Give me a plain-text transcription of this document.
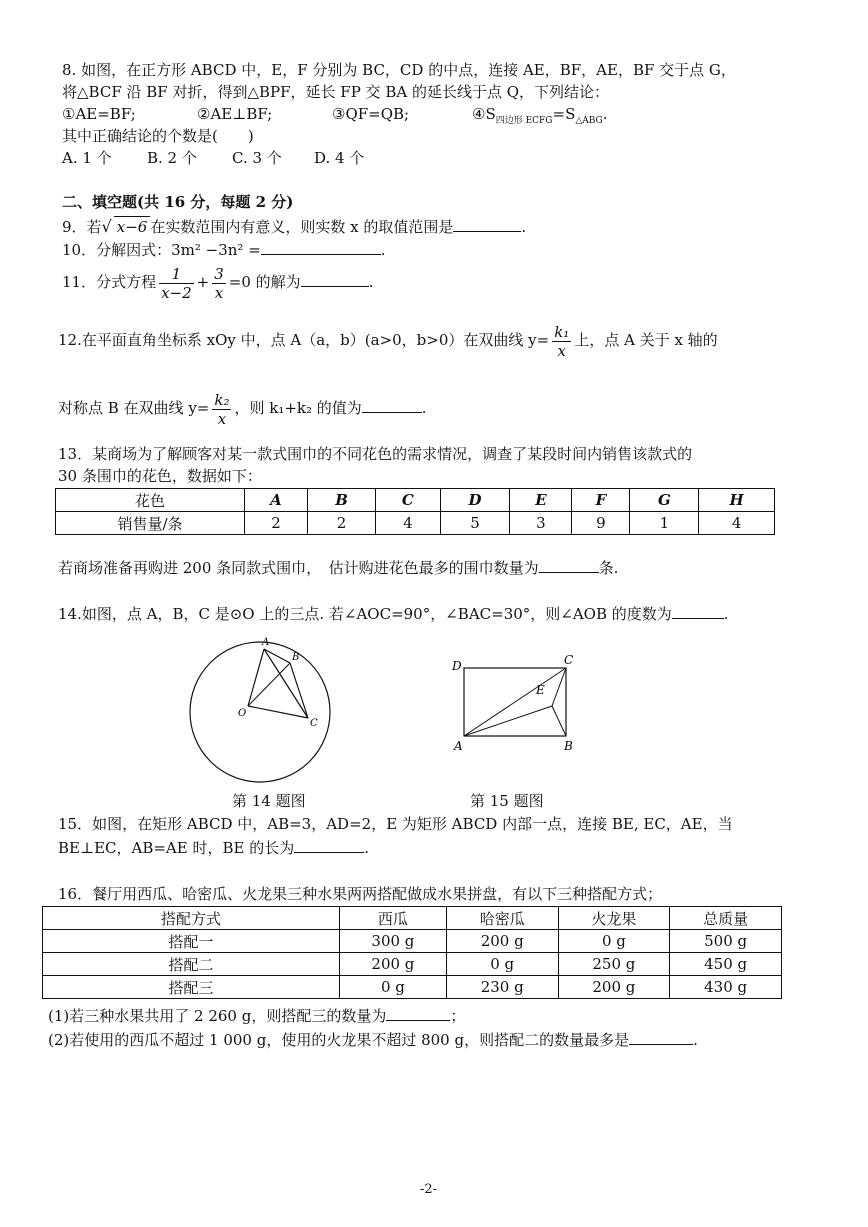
8. 如图，在正方形 ABCD 中，E，F 分别为 BC，CD 的中点，连接 AE，BF，AE，BF 交于点 G，
将△BCF 沿 BF 对折，得到△BPF，延长 FP 交 BA 的延长线于点 Q，下列结论：
①AE=BF;	②AE⊥BF;	③QF=QB;	$④S_{四边形 ECFG}=S_{\triangle ABG}$.
其中正确结论的个数是(　　)
A. 1 个 B. 2 个 C. 3 个 D. 4 个
二、填空题(共 16 分，每题 2 分)
9．若√ x−6 在实数范围内有意义，则实数 x 的取值范围是	.
10．分解因式：3m² −3n² =	.
11．分式方程 $\frac{1}{x-2} + \frac{3}{x} =0$ 的解为	.
12.在平面直角坐标系 xOy 中，点 A（a，b）(a>0，b>0）在双曲线 $y= \frac{\text{k₁}}{x}$ 上，点 A 关于 x 轴的
对称点 B 在双曲线 $y= \frac{\text{k₂}}{x}$ ，则 k₁+k₂ 的值为	.
13．某商场为了解顾客对某一款式围巾的不同花色的需求情况，调查了某段时间内销售该款式的
30 条围巾的花色，数据如下：
花色	A	B	C	D	E	F	G	H
销售量/条	2	2	4	5	3	9	1	4
若商场准备再购进 200 条同款式围巾，　估计购进花色最多的围巾数量为	条.
14.如图，点 A，B，C 是⊙O 上的三点. 若∠AOC=90°，∠BAC=30°，则∠AOB 的度数为	.
A
B
O
C
D	C
E
A	B
第 14 题图	第 15 题图
15．如图，在矩形 ABCD 中，AB=3，AD=2，E 为矩形 ABCD 内部一点，连接 BE, EC，AE，当
BE⊥EC，AB=AE 时，BE 的长为	.
16．餐厅用西瓜、哈密瓜、火龙果三种水果两两搭配做成水果拼盘，有以下三种搭配方式；
搭配方式	西瓜	哈密瓜	火龙果	总质量
搭配一	300 g	200 g	0 g	500 g
搭配二	200 g	0 g	250 g	450 g
搭配三	0 g	230 g	200 g	430 g
(1)若三种水果共用了 2 260 g，则搭配三的数量为	；
(2)若使用的西瓜不超过 1 000 g，使用的火龙果不超过 800 g，则搭配二的数量最多是	.
-2-
